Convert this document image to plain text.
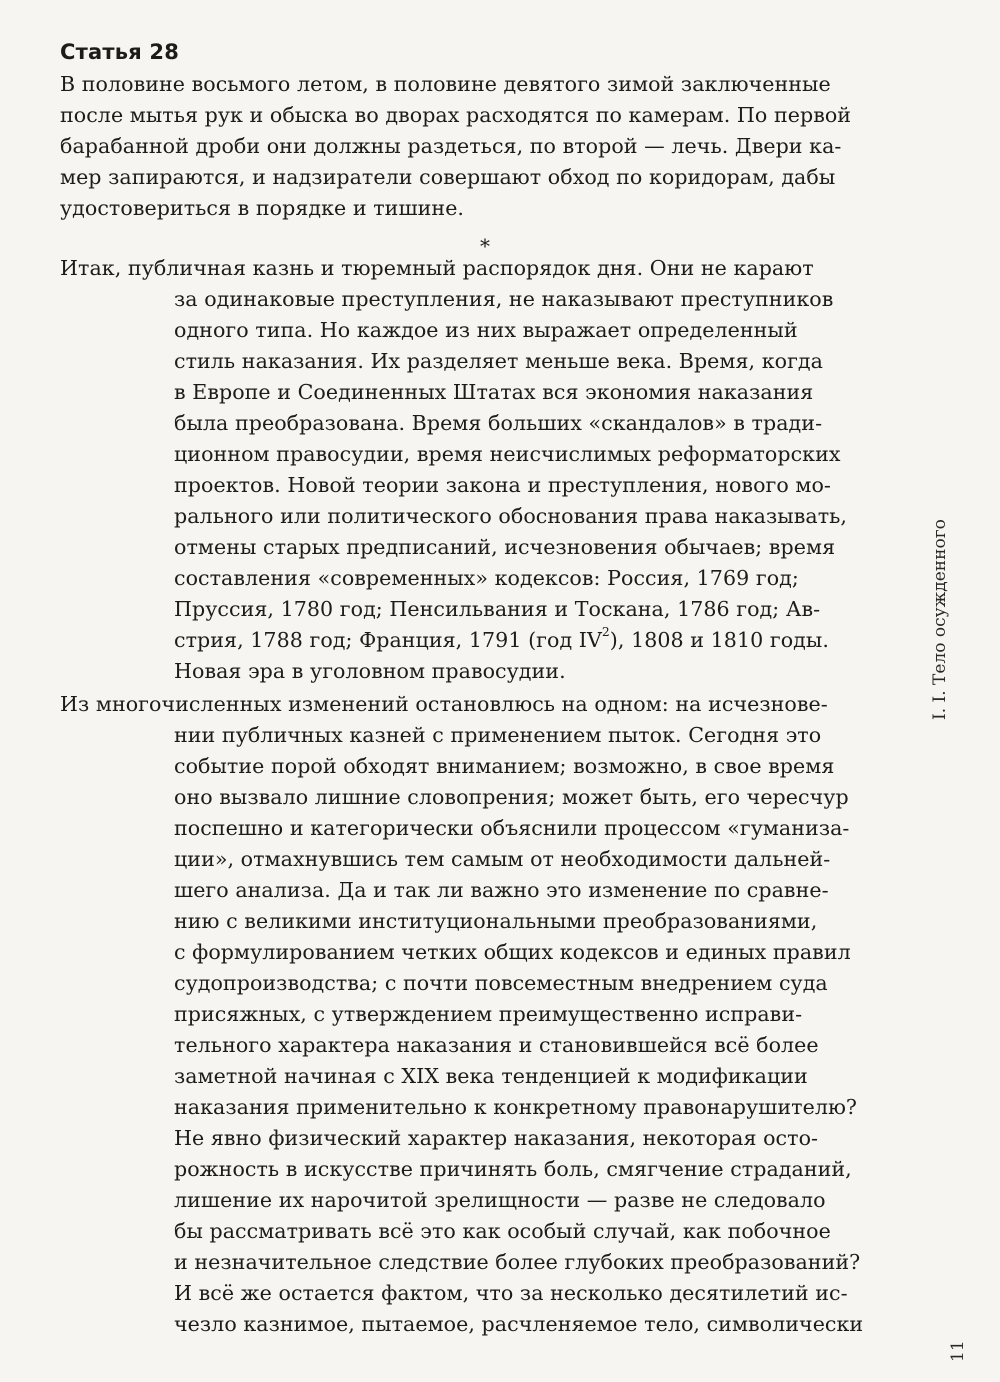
Статья 28
В половине восьмого летом, в половине девятого зимой заключенные
после мытья рук и обыска во дворах расходятся по камерам. По первой
барабанной дроби они должны раздеться, по второй — лечь. Двери ка-
мер запираются, и надзиратели совершают обход по коридорам, дабы
удостовериться в порядке и тишине.
*
Итак, публичная казнь и тюремный распорядок дня. Они не карают
за одинаковые преступления, не наказывают преступников
одного типа. Но каждое из них выражает определенный
стиль наказания. Их разделяет меньше века. Время, когда
в Европе и Соединенных Штатах вся экономия наказания
была преобразована. Время больших «скандалов» в тради-
ционном правосудии, время неисчислимых реформаторских
проектов. Новой теории закона и преступления, нового мо-
рального или политического обоснования права наказывать,
отмены старых предписаний, исчезновения обычаев; время
составления «современных» кодексов: Россия, 1769 год;
Пруссия, 1780 год; Пенсильвания и Тоскана, 1786 год; Ав-
стрия, 1788 год; Франция, 1791 (год $IV^2$), 1808 и 1810 годы.
Новая эра в уголовном правосудии.
Из многочисленных изменений остановлюсь на одном: на исчезнове-
нии публичных казней с применением пыток. Сегодня это
событие порой обходят вниманием; возможно, в свое время
оно вызвало лишние словопрения; может быть, его чересчур
поспешно и категорически объяснили процессом «гуманиза-
ции», отмахнувшись тем самым от необходимости дальней-
шего анализа. Да и так ли важно это изменение по сравне-
нию с великими институциональными преобразованиями,
с формулированием четких общих кодексов и единых правил
судопроизводства; с почти повсеместным внедрением суда
присяжных, с утверждением преимущественно исправи-
тельного характера наказания и становившейся всё более
заметной начиная с XIX века тенденцией к модификации
наказания применительно к конкретному правонарушителю?
Не явно физический характер наказания, некоторая осто-
рожность в искусстве причинять боль, смягчение страданий,
лишение их нарочитой зрелищности — разве не следовало
бы рассматривать всё это как особый случай, как побочное
и незначительное следствие более глубоких преобразований?
И всё же остается фактом, что за несколько десятилетий ис-
чезло казнимое, пытаемое, расчленяемое тело, символически
I. I. Тело осужденного
11
